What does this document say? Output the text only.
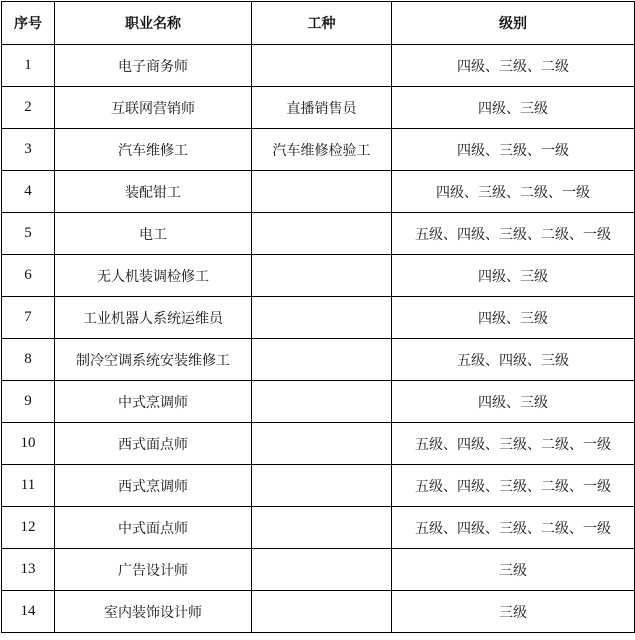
序号	职业名称	工种	级别
1	电子商务师		四级、三级、二级
2	互联网营销师	直播销售员	四级、三级
3	汽车维修工	汽车维修检验工	四级、三级、一级
4	装配钳工		四级、三级、二级、一级
5	电工		五级、四级、三级、二级、一级
6	无人机装调检修工		四级、三级
7	工业机器人系统运维员		四级、三级
8	制冷空调系统安装维修工		五级、四级、三级
9	中式烹调师		四级、三级
10	西式面点师		五级、四级、三级、二级、一级
11	西式烹调师		五级、四级、三级、二级、一级
12	中式面点师		五级、四级、三级、二级、一级
13	广告设计师		三级
14	室内装饰设计师		三级
